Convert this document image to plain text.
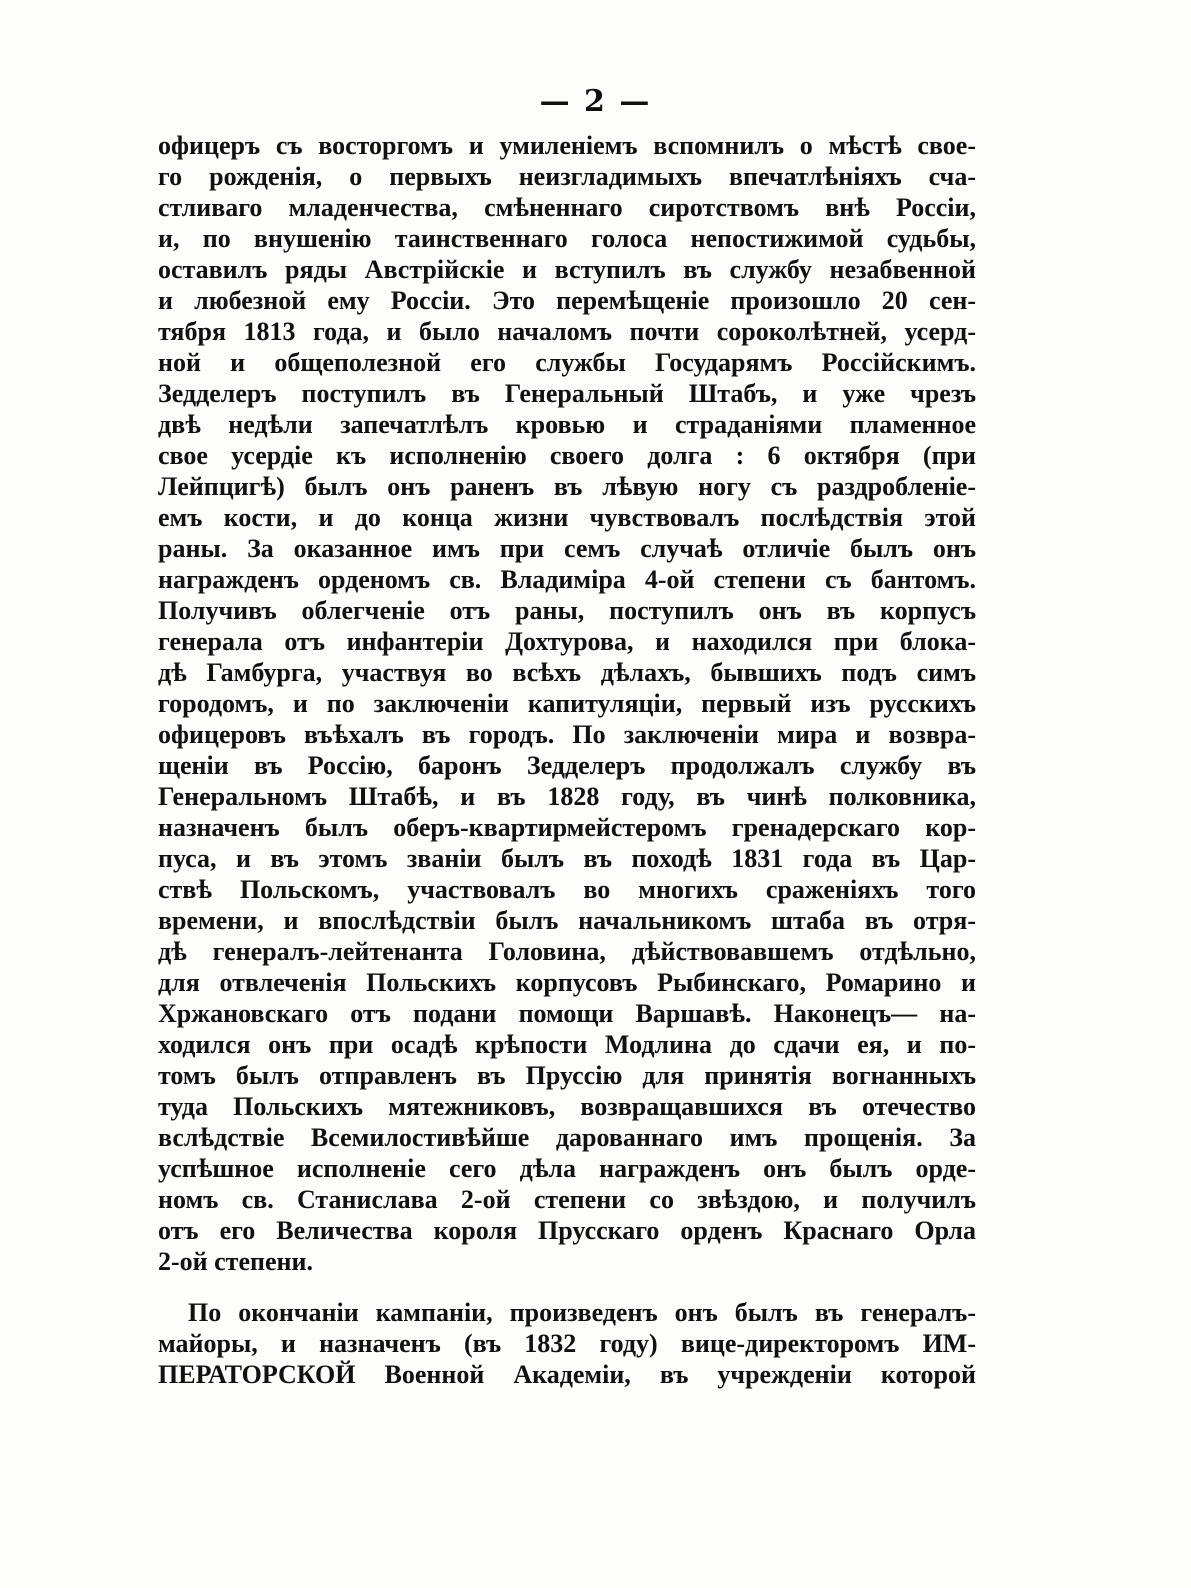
— 2 —
офицеръ съ восторгомъ и умиленіемъ вспомнилъ о мѣстѣ свое-
го рожденія, о первыхъ неизгладимыхъ впечатлѣніяхъ сча-
стливаго младенчества, смѣненнаго сиротствомъ внѣ Россіи,
и, по внушенію таинственнаго голоса непостижимой судьбы,
оставилъ ряды Австрійскіе и вступилъ въ службу незабвенной
и любезной ему Россіи. Это перемѣщеніе произошло 20 сен-
тября 1813 года, и было началомъ почти сороколѣтней, усерд-
ной и общеполезной его службы Государямъ Россійскимъ.
Зедделеръ поступилъ въ Генеральный Штабъ, и уже чрезъ
двѣ недѣли запечатлѣлъ кровью и страданіями пламенное
свое усердіе къ исполненію своего долга : 6 октября (при
Лейпцигѣ) былъ онъ раненъ въ лѣвую ногу съ раздробленіе-
емъ кости, и до конца жизни чувствовалъ послѣдствія этой
раны. За оказанное имъ при семъ случаѣ отличіе былъ онъ
награжденъ орденомъ св. Владиміра 4-ой степени съ бантомъ.
Получивъ облегченіе отъ раны, поступилъ онъ въ корпусъ
генерала отъ инфантеріи Дохтурова, и находился при блока-
дѣ Гамбурга, участвуя во всѣхъ дѣлахъ, бывшихъ подъ симъ
городомъ, и по заключеніи капитуляціи, первый изъ русскихъ
офицеровъ въѣхалъ въ городъ. По заключеніи мира и возвра-
щеніи въ Россію, баронъ Зедделеръ продолжалъ службу въ
Генеральномъ Штабѣ, и въ 1828 году, въ чинѣ полковника,
назначенъ былъ оберъ-квартирмейстеромъ гренадерскаго кор-
пуса, и въ этомъ званіи былъ въ походѣ 1831 года въ Цар-
ствѣ Польскомъ, участвовалъ во многихъ сраженіяхъ того
времени, и впослѣдствіи былъ начальникомъ штаба въ отря-
дѣ генералъ-лейтенанта Головина, дѣйствовавшемъ отдѣльно,
для отвлеченія Польскихъ корпусовъ Рыбинскаго, Ромарино и
Хржановскаго отъ подани помощи Варшавѣ. Наконецъ— на-
ходился онъ при осадѣ крѣпости Модлина до сдачи ея, и по-
томъ былъ отправленъ въ Пруссію для принятія вогнанныхъ
туда Польскихъ мятежниковъ, возвращавшихся въ отечество
вслѣдствіе Всемилостивѣйше дарованнаго имъ прощенія. За
успѣшное исполненіе сего дѣла награжденъ онъ былъ орде-
номъ св. Станислава 2-ой степени со звѣздою, и получилъ
отъ его Величества короля Прусскаго орденъ Краснаго Орла
2-ой степени.
По окончаніи кампаніи, произведенъ онъ былъ въ генералъ-
майоры, и назначенъ (въ 1832 году) вице-директоромъ ИМ-
ПЕРАТОРСКОЙ Военной Академіи, въ учрежденіи которой
